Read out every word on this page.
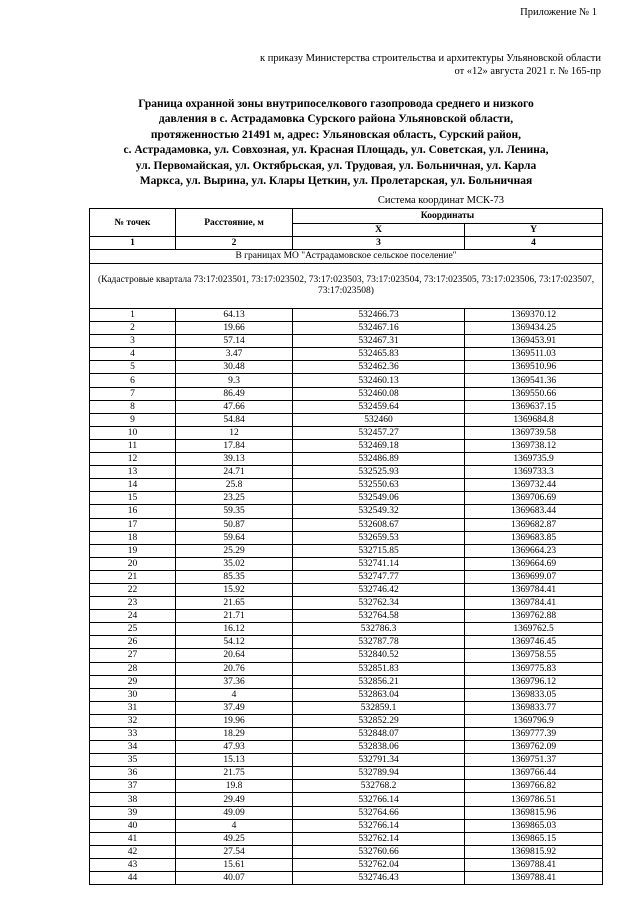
Приложение № 1
к приказу Министерства строительства и архитектуры Ульяновской области
от «12» августа 2021 г. № 165-пр
Граница охранной зоны внутрипоселкового газопровода среднего и низкого
давления в с. Астрадамовка Сурского района Ульяновской области,
протяженностью 21491 м, адрес: Ульяновская область, Сурский район,
с. Астрадамовка, ул. Совхозная, ул. Красная Площадь, ул. Советская, ул. Ленина,
ул. Первомайская, ул. Октябрьская, ул. Трудовая, ул. Больничная, ул. Карла
Маркса, ул. Вырина, ул. Клары Цеткин, ул. Пролетарская, ул. Больничная
Система координат МСК-73
№ точек	Расстояние, м	Координаты	
		X	Y
1	2	3	4
В границах МО "Астрадамовское сельское поселение"			
(Кадастровые квартала 73:17:023501, 73:17:023502, 73:17:023503, 73:17:023504, 73:17:023505, 73:17:023506, 73:17:023507, 73:17:023508)			
1	64.13	532466.73	1369370.12
2	19.66	532467.16	1369434.25
3	57.14	532467.31	1369453.91
4	3.47	532465.83	1369511.03
5	30.48	532462.36	1369510.96
6	9.3	532460.13	1369541.36
7	86.49	532460.08	1369550.66
8	47.66	532459.64	1369637.15
9	54.84	532460	1369684.8
10	12	532457.27	1369739.58
11	17.84	532469.18	1369738.12
12	39.13	532486.89	1369735.9
13	24.71	532525.93	1369733.3
14	25.8	532550.63	1369732.44
15	23.25	532549.06	1369706.69
16	59.35	532549.32	1369683.44
17	50.87	532608.67	1369682.87
18	59.64	532659.53	1369683.85
19	25.29	532715.85	1369664.23
20	35.02	532741.14	1369664.69
21	85.35	532747.77	1369699.07
22	15.92	532746.42	1369784.41
23	21.65	532762.34	1369784.41
24	21.71	532764.58	1369762.88
25	16.12	532786.3	1369762.5
26	54.12	532787.78	1369746.45
27	20.64	532840.52	1369758.55
28	20.76	532851.83	1369775.83
29	37.36	532856.21	1369796.12
30	4	532863.04	1369833.05
31	37.49	532859.1	1369833.77
32	19.96	532852.29	1369796.9
33	18.29	532848.07	1369777.39
34	47.93	532838.06	1369762.09
35	15.13	532791.34	1369751.37
36	21.75	532789.94	1369766.44
37	19.8	532768.2	1369766.82
38	29.49	532766.14	1369786.51
39	49.09	532764.66	1369815.96
40	4	532766.14	1369865.03
41	49.25	532762.14	1369865.15
42	27.54	532760.66	1369815.92
43	15.61	532762.04	1369788.41
44	40.07	532746.43	1369788.41
